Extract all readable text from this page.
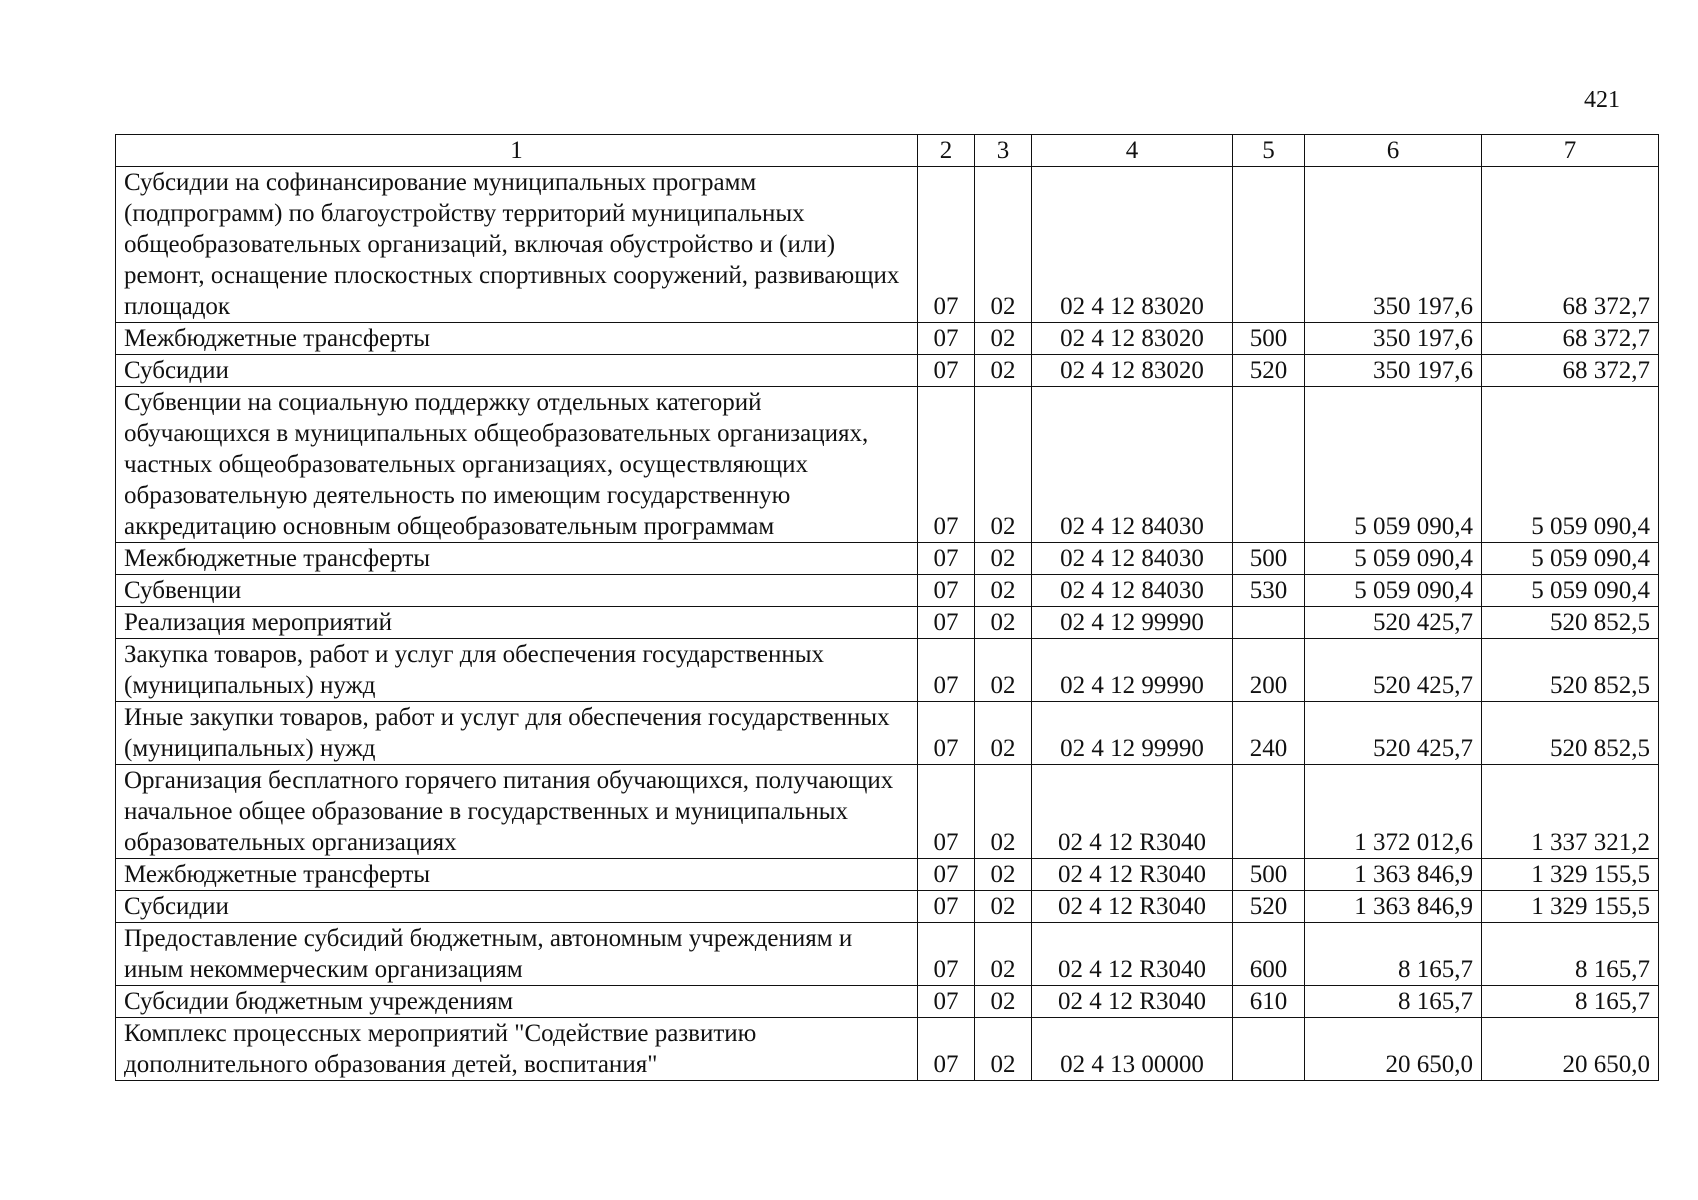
421
1	2	3	4	5	6	7
Субсидии на софинансирование муниципальных программ (подпрограмм) по благоустройству территорий муниципальных общеобразовательных организаций, включая обустройство и (или) ремонт, оснащение плоскостных спортивных сооружений, развивающих площадок	07	02	02 4 12 83020		350 197,6	68 372,7
Межбюджетные трансферты	07	02	02 4 12 83020	500	350 197,6	68 372,7
Субсидии	07	02	02 4 12 83020	520	350 197,6	68 372,7
Субвенции на социальную поддержку отдельных категорий обучающихся в муниципальных общеобразовательных организациях, частных общеобразовательных организациях, осуществляющих образовательную деятельность по имеющим государственную аккредитацию основным общеобразовательным программам	07	02	02 4 12 84030		5 059 090,4	5 059 090,4
Межбюджетные трансферты	07	02	02 4 12 84030	500	5 059 090,4	5 059 090,4
Субвенции	07	02	02 4 12 84030	530	5 059 090,4	5 059 090,4
Реализация мероприятий	07	02	02 4 12 99990		520 425,7	520 852,5
Закупка товаров, работ и услуг для обеспечения государственных (муниципальных) нужд	07	02	02 4 12 99990	200	520 425,7	520 852,5
Иные закупки товаров, работ и услуг для обеспечения государственных (муниципальных) нужд	07	02	02 4 12 99990	240	520 425,7	520 852,5
Организация бесплатного горячего питания обучающихся, получающих начальное общее образование в государственных и муниципальных образовательных организациях	07	02	02 4 12 R3040		1 372 012,6	1 337 321,2
Межбюджетные трансферты	07	02	02 4 12 R3040	500	1 363 846,9	1 329 155,5
Субсидии	07	02	02 4 12 R3040	520	1 363 846,9	1 329 155,5
Предоставление субсидий бюджетным, автономным учреждениям и иным некоммерческим организациям	07	02	02 4 12 R3040	600	8 165,7	8 165,7
Субсидии бюджетным учреждениям	07	02	02 4 12 R3040	610	8 165,7	8 165,7
Комплекс процессных мероприятий "Содействие развитию дополнительного образования детей, воспитания"	07	02	02 4 13 00000		20 650,0	20 650,0
